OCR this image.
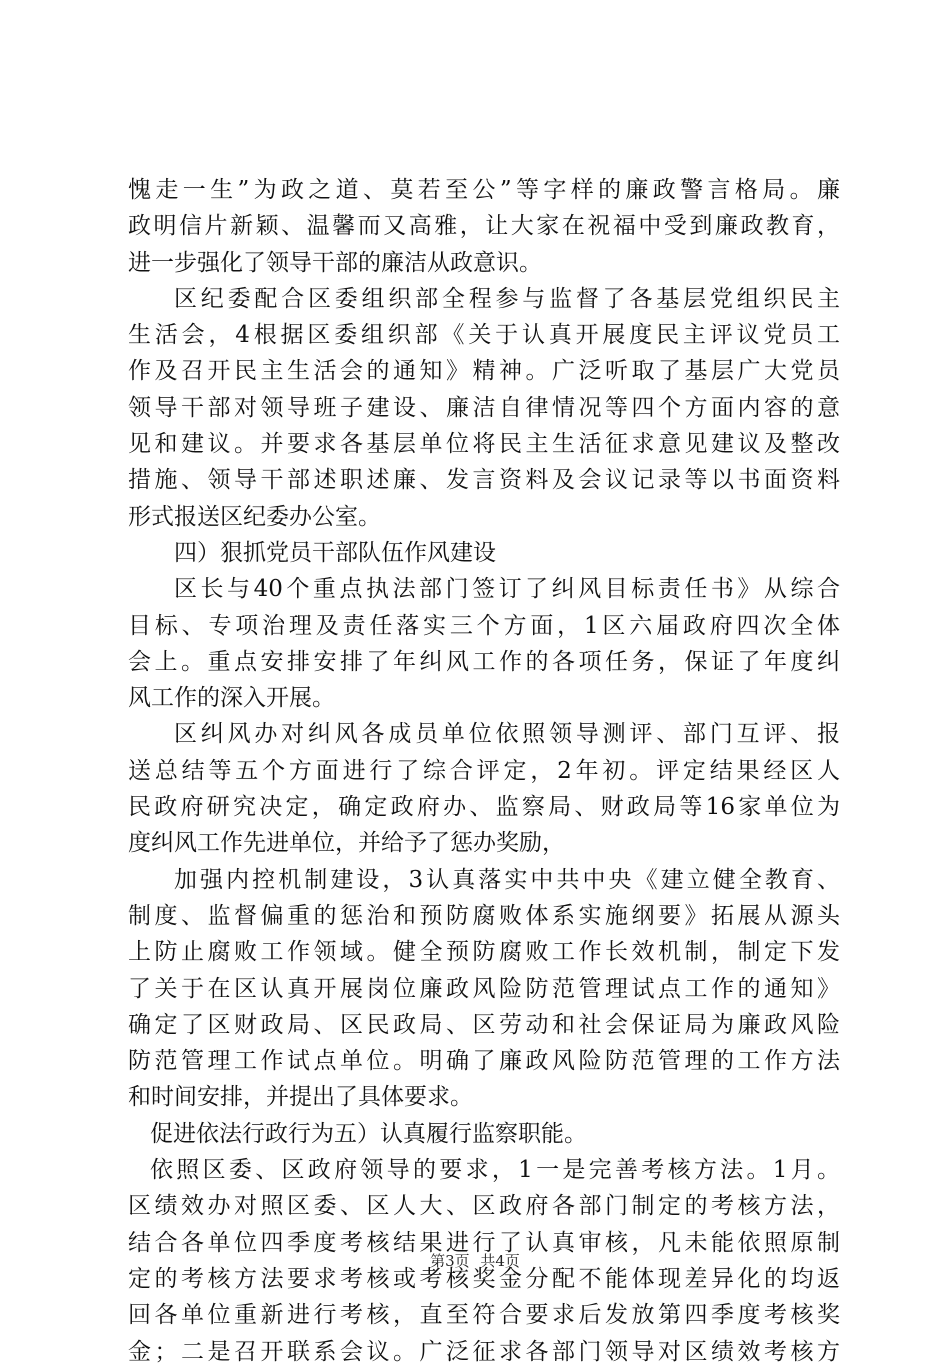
愧走一生”为政之道、莫若至公”等字样的廉政警言格局。廉
政明信片新颖、温馨而又高雅，让大家在祝福中受到廉政教育，
进一步强化了领导干部的廉洁从政意识。
区纪委配合区委组织部全程参与监督了各基层党组织民主
生活会，4根据区委组织部《关于认真开展度民主评议党员工
作及召开民主生活会的通知》精神。广泛听取了基层广大党员
领导干部对领导班子建设、廉洁自律情况等四个方面内容的意
见和建议。并要求各基层单位将民主生活征求意见建议及整改
措施、领导干部述职述廉、发言资料及会议记录等以书面资料
形式报送区纪委办公室。
四）狠抓党员干部队伍作风建设
区长与40个重点执法部门签订了纠风目标责任书》从综合
目标、专项治理及责任落实三个方面，1区六届政府四次全体
会上。重点安排安排了年纠风工作的各项任务，保证了年度纠
风工作的深入开展。
区纠风办对纠风各成员单位依照领导测评、部门互评、报
送总结等五个方面进行了综合评定，2年初。评定结果经区人
民政府研究决定，确定政府办、监察局、财政局等16家单位为
度纠风工作先进单位，并给予了惩办奖励，
加强内控机制建设，3认真落实中共中央《建立健全教育、
制度、监督偏重的惩治和预防腐败体系实施纲要》拓展从源头
上防止腐败工作领域。健全预防腐败工作长效机制，制定下发
了关于在区认真开展岗位廉政风险防范管理试点工作的通知》
确定了区财政局、区民政局、区劳动和社会保证局为廉政风险
防范管理工作试点单位。明确了廉政风险防范管理的工作方法
和时间安排，并提出了具体要求。
促进依法行政行为五）认真履行监察职能。
依照区委、区政府领导的要求，1一是完善考核方法。1月。
区绩效办对照区委、区人大、区政府各部门制定的考核方法，
结合各单位四季度考核结果进行了认真审核，凡未能依照原制
定的考核方法要求考核或考核奖金分配不能体现差异化的均返
回各单位重新进行考核，直至符合要求后发放第四季度考核奖
金；二是召开联系会议。广泛征求各部门领导对区绩效考核方
第3页 共4页
